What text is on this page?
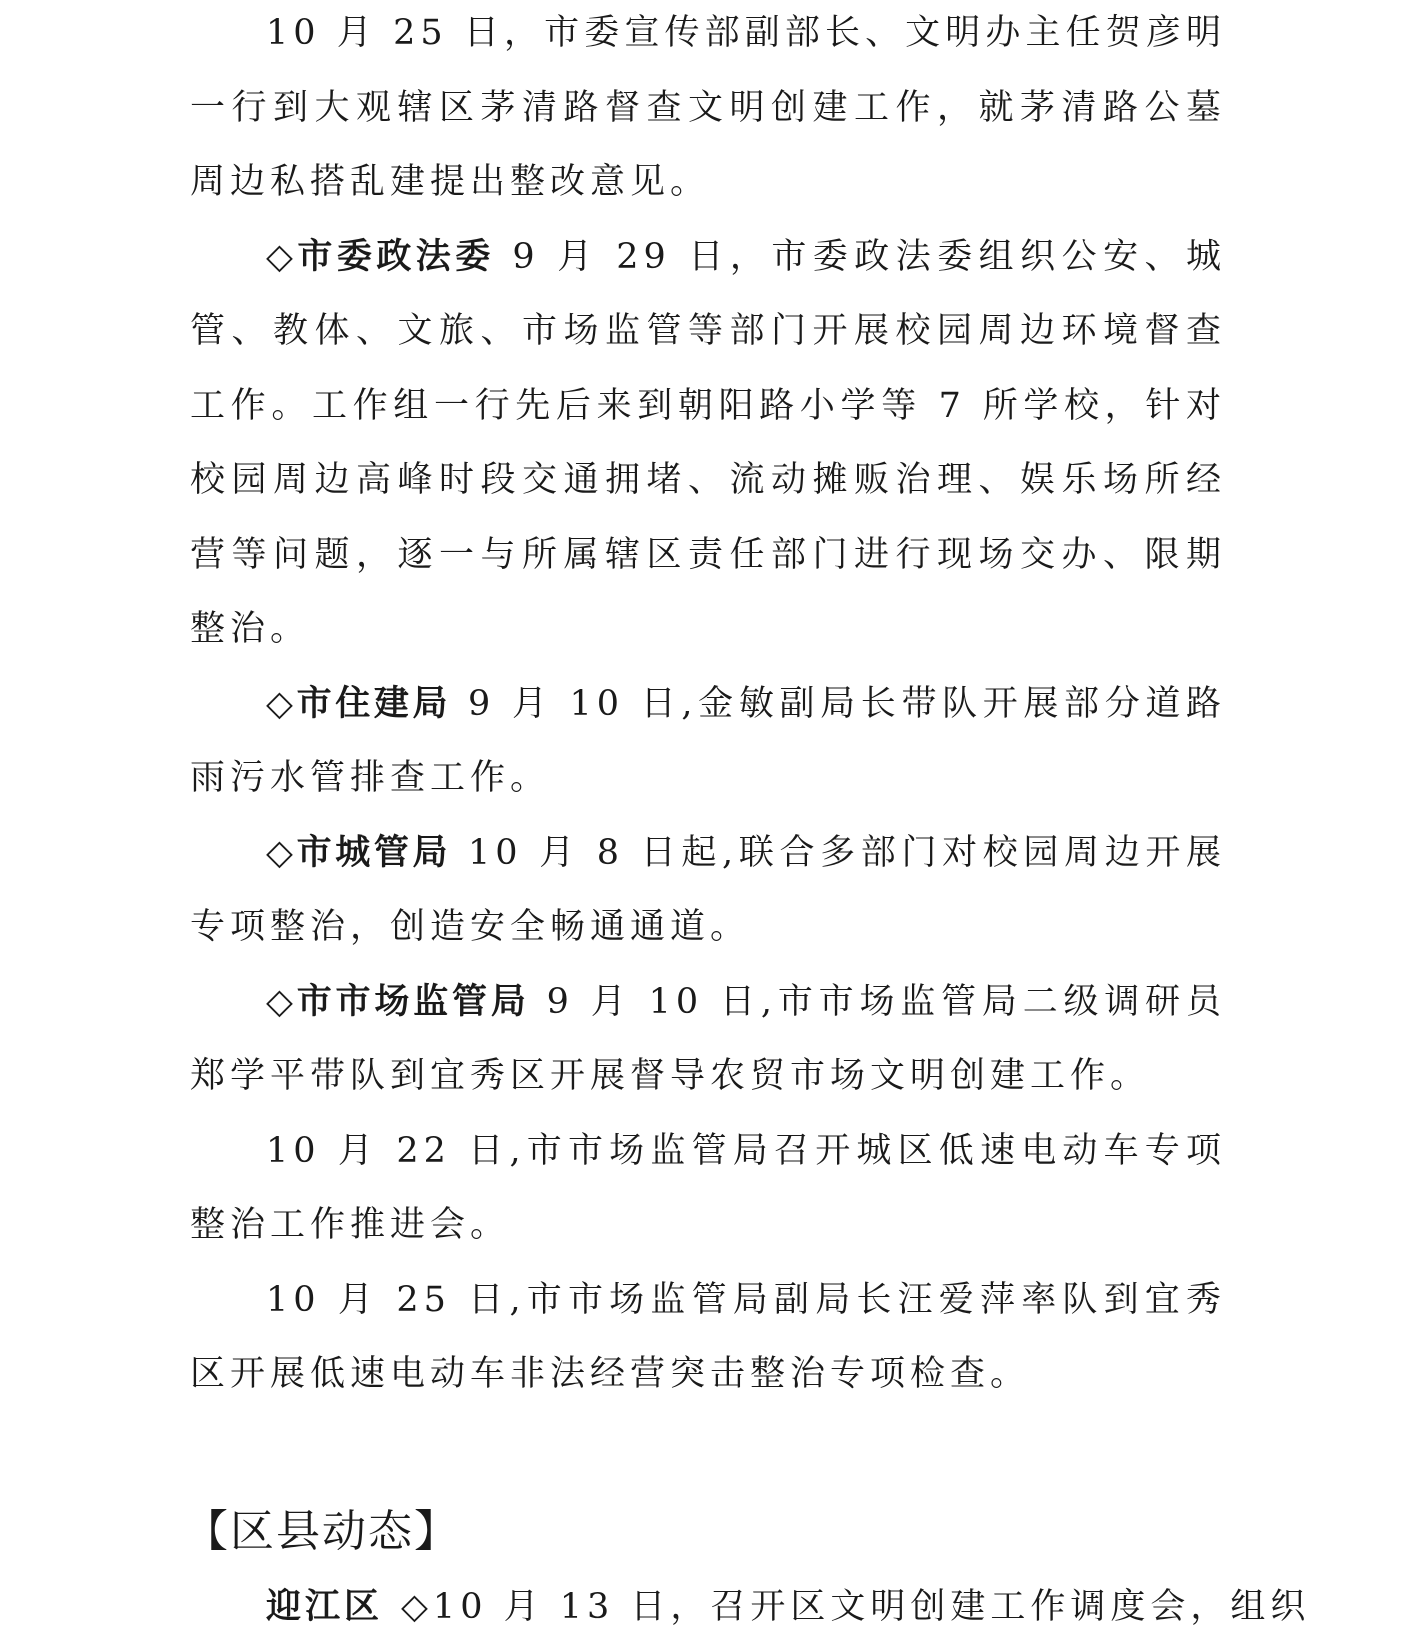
10 月 25 日，市委宣传部副部长、文明办主任贺彦明一行到大观辖区茅清路督查文明创建工作，就茅清路公墓周边私搭乱建提出整改意见。

◇市委政法委 9 月 29 日，市委政法委组织公安、城管、教体、文旅、市场监管等部门开展校园周边环境督查工作。工作组一行先后来到朝阳路小学等 7 所学校，针对校园周边高峰时段交通拥堵、流动摊贩治理、娱乐场所经营等问题，逐一与所属辖区责任部门进行现场交办、限期整治。

◇市住建局 9 月 10 日,金敏副局长带队开展部分道路雨污水管排查工作。

◇市城管局 10 月 8 日起,联合多部门对校园周边开展专项整治，创造安全畅通通道。

◇市市场监管局 9 月 10 日,市市场监管局二级调研员郑学平带队到宜秀区开展督导农贸市场文明创建工作。

10 月 22 日,市市场监管局召开城区低速电动车专项整治工作推进会。

10 月 25 日,市市场监管局副局长汪爱萍率队到宜秀区开展低速电动车非法经营突击整治专项检查。

【区县动态】

迎江区 ◇10 月 13 日，召开区文明创建工作调度会，组织
